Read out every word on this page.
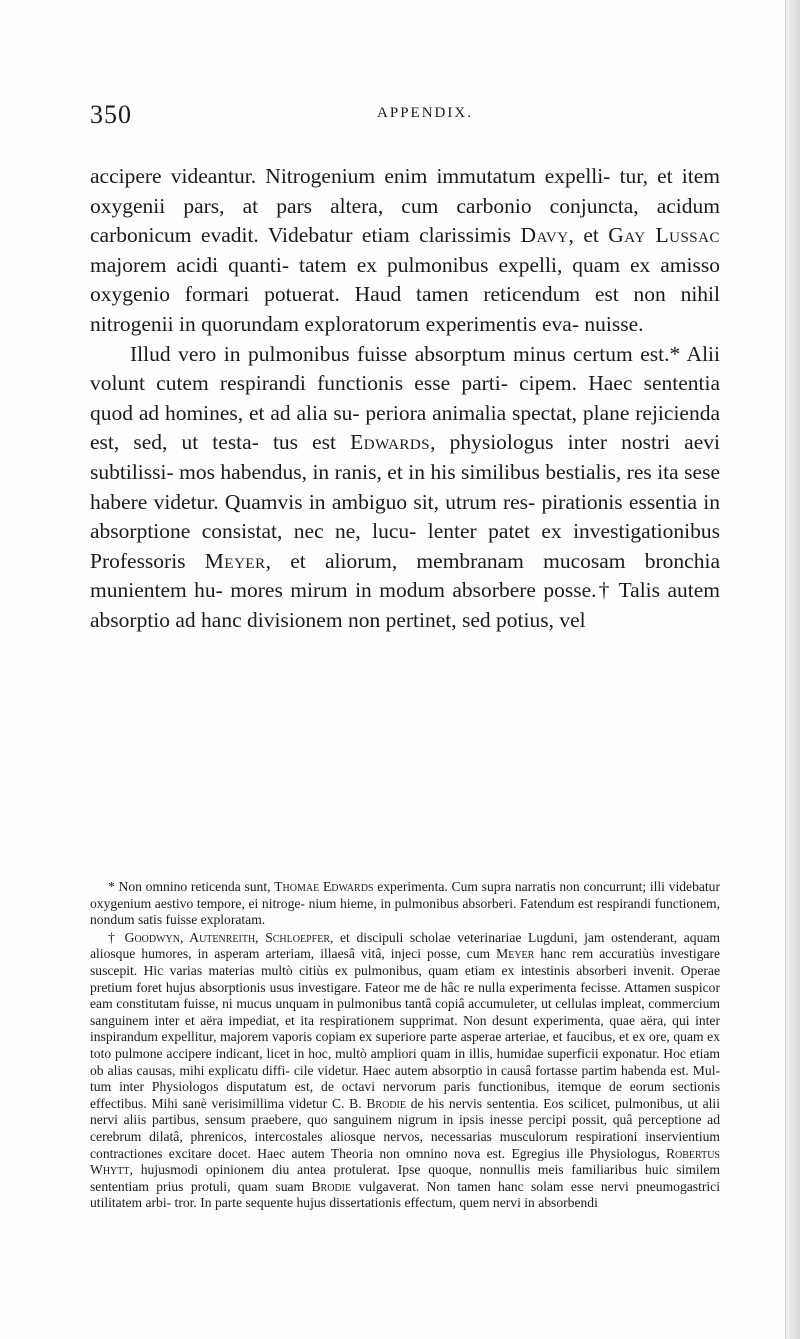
350	APPENDIX.

accipere videantur. Nitrogenium enim immutatum expelli- tur, et item oxygenii pars, at pars altera, cum carbonio conjuncta, acidum carbonicum evadit. Videbatur etiam clarissimis Davy, et Gay Lussac majorem acidi quanti- tatem ex pulmonibus expelli, quam ex amisso oxygenio formari potuerat. Haud tamen reticendum est non nihil nitrogenii in quorundam exploratorum experimentis eva- nuisse.

Illud vero in pulmonibus fuisse absorptum minus certum est.* Alii volunt cutem respirandi functionis esse parti- cipem. Haec sententia quod ad homines, et ad alia su- periora animalia spectat, plane rejicienda est, sed, ut testa- tus est Edwards, physiologus inter nostri aevi subtilissi- mos habendus, in ranis, et in his similibus bestialis, res ita sese habere videtur. Quamvis in ambiguo sit, utrum res- pirationis essentia in absorptione consistat, nec ne, lucu- lenter patet ex investigationibus Professoris Meyer, et aliorum, membranam mucosam bronchia munientem hu- mores mirum in modum absorbere posse.† Talis autem absorptio ad hanc divisionem non pertinet, sed potius, vel

* Non omnino reticenda sunt, Thomae Edwards experimenta. Cum supra narratis non concurrunt; illi videbatur oxygenium aestivo tempore, ei nitroge- nium hieme, in pulmonibus absorberi. Fatendum est respirandi functionem, nondum satis fuisse exploratam.

† Goodwyn, Autenreith, Schloepfer, et discipuli scholae veterinariae Lugduni, jam ostenderant, aquam aliosque humores, in asperam arteriam, illaesâ vitâ, injeci posse, cum Meyer hanc rem accuratiùs investigare suscepit. Hic varias materias multò citiùs ex pulmonibus, quam etiam ex intestinis absorberi invenit. Operae pretium foret hujus absorptionis usus investigare. Fateor me de hâc re nulla experimenta fecisse. Attamen suspicor eam constitutam fuisse, ni mucus unquam in pulmonibus tantâ copiâ accumuleter, ut cellulas impleat, commercium sanguinem inter et aëra impediat, et ita respirationem supprimat. Non desunt experimenta, quae aëra, qui inter inspirandum expellitur, majorem vaporis copiam ex superiore parte asperae arteriae, et faucibus, et ex ore, quam ex toto pulmone accipere indicant, licet in hoc, multò ampliori quam in illis, humidae superficii exponatur. Hoc etiam ob alias causas, mihi explicatu diffi- cile videtur. Haec autem absorptio in causâ fortasse partim habenda est. Mul- tum inter Physiologos disputatum est, de octavi nervorum paris functionibus, itemque de eorum sectionis effectibus. Mihi sanè verisimillima videtur C. B. Brodie de his nervis sententia. Eos scilicet, pulmonibus, ut alii nervi aliis partibus, sensum praebere, quo sanguinem nigrum in ipsis inesse percipi possit, quâ perceptione ad cerebrum dilatâ, phrenicos, intercostales aliosque nervos, necessarias musculorum respirationi inservientium contractiones excitare docet. Haec autem Theoria non omnino nova est. Egregius ille Physiologus, Robertus Whytt, hujusmodi opinionem diu antea protulerat. Ipse quoque, nonnullis meis familiaribus huic similem sententiam prius protuli, quam suam Brodie vulgaverat. Non tamen hanc solam esse nervi pneumogastrici utilitatem arbi- tror. In parte sequente hujus dissertationis effectum, quem nervi in absorbendi
